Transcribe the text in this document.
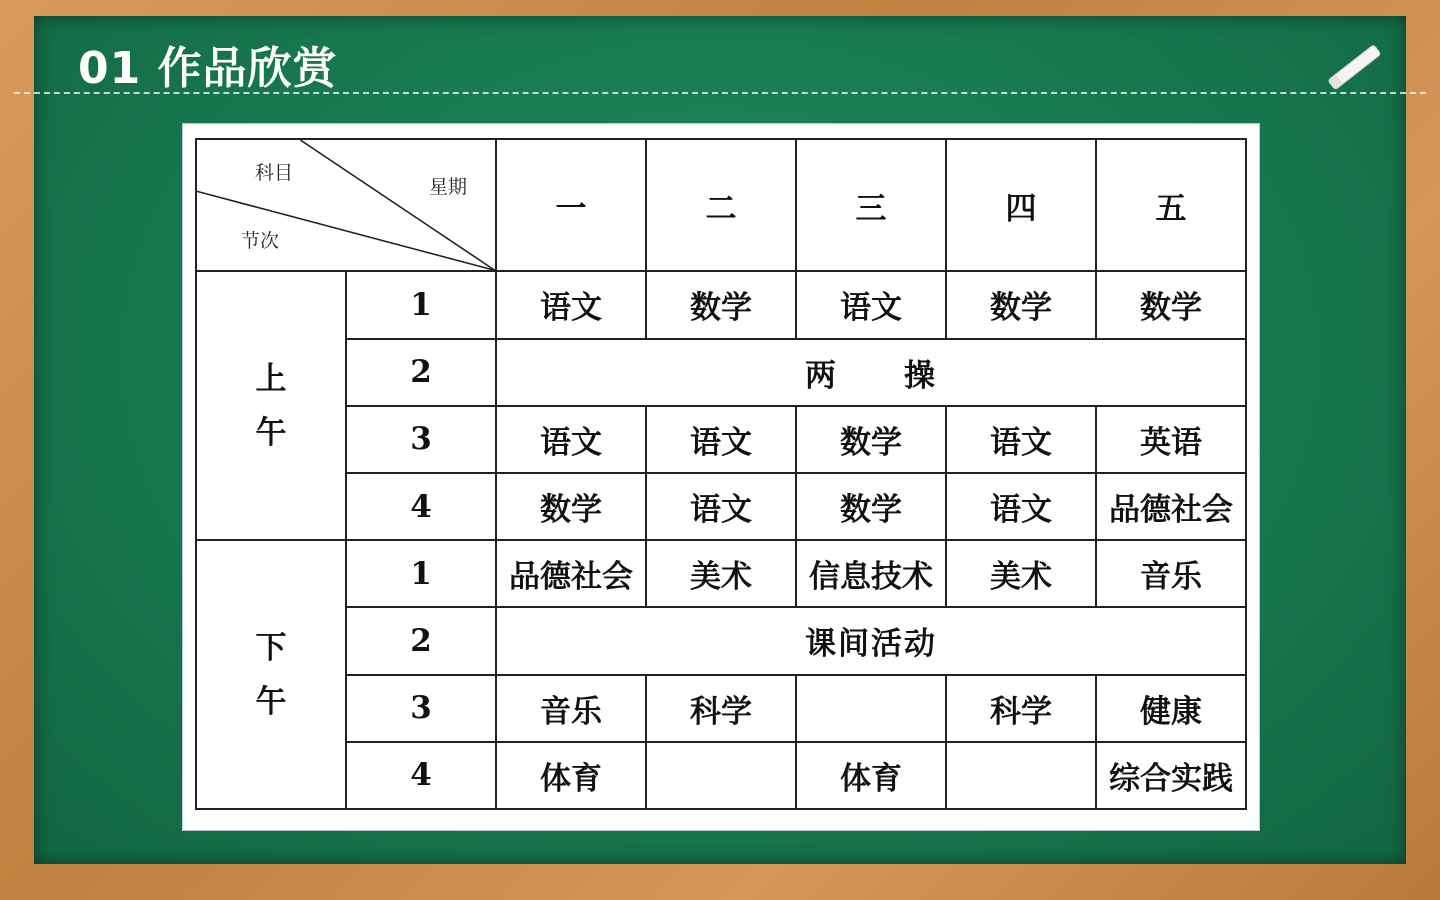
01 作品欣赏
科目
星期
节次		一	二	三	四	五
上
午	1	语文	数学	语文	数学	数学
	2	两　　操				
	3	语文	语文	数学	语文	英语
	4	数学	语文	数学	语文	品德社会
下
午	1	品德社会	美术	信息技术	美术	音乐
	2	课间活动				
	3	音乐	科学		科学	健康
	4	体育		体育		综合实践
